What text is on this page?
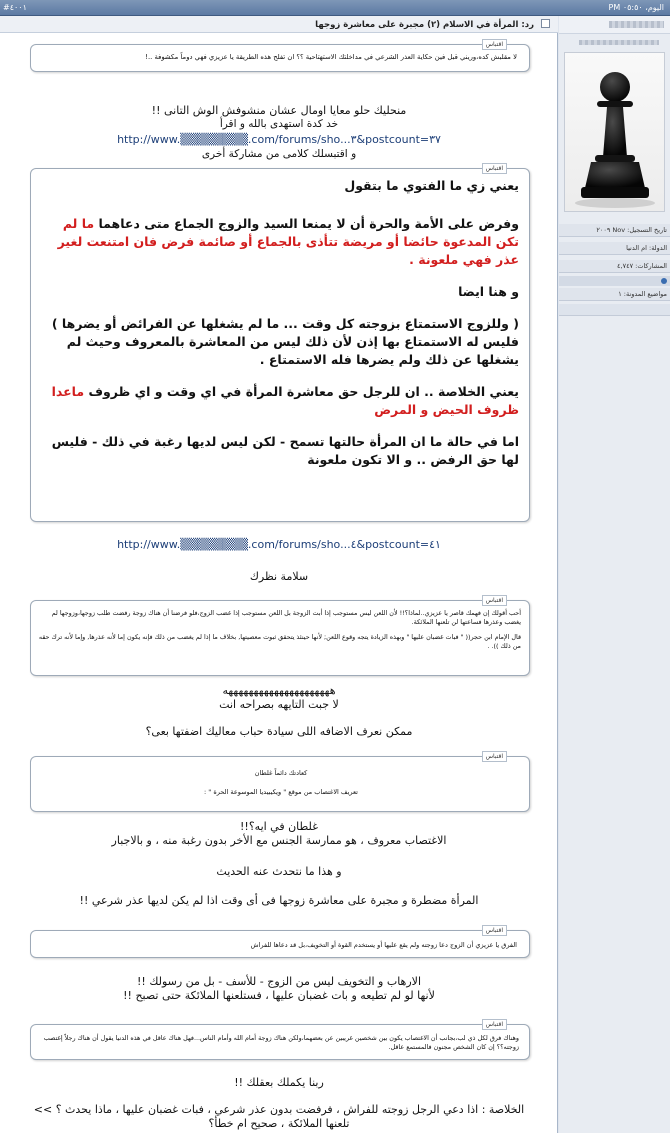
#٤٠٠١	اليوم، ٠٥:٥٠ PM
رد: المرأة في الاسلام (٢) مجبرة على معاشرة زوجها
اقتباس
لا مقلبش كده،وريني قبل فين حكاية العذر الشرعي في مداخلتك الاستهتاحية ؟؟ ان تفلح هذه الطريقة يا عزيزي فهي دوماً مكشوفة ..!
منحليك حلو معايا اومال عشان منشوفش الوش التانى !!
خد كدة استهدى بالله و اقرأ
http://www.▒▒▒▒▒▒▒▒.com/forums/sho...٣&postcount=٣٧
و اقتبسلك كلامى من مشاركة أخرى
اقتباس
يعني زي ما الفتوي ما بتقول
وفرض على الأمة والحرة أن لا يمنعا السيد والزوج الجماع متى دعاهما ما لم تكن المدعوة حائضا أو مريضة تتأذى بالجماع أو صائمة فرض فان امتنعت لغير عذر فهي ملعونة .
و هنا ايضا
( وللزوج الاستمتاع بزوجته كل وقت ... ما لم يشغلها عن الفرائض أو يضرها ) فليس له الاستمتاع بها إذن لأن ذلك ليس من المعاشرة بالمعروف وحيث لم يشغلها عن ذلك ولم يضرها فله الاستمتاع .
يعني الخلاصة .. ان للرجل حق معاشرة المرأة في اي وقت و اي ظروف ماعدا ظروف الحيض و المرض
اما في حالة ما ان المرأة حالتها تسمح - لكن ليس لديها رغبة في ذلك - فليس لها حق الرفض .. و الا تكون ملعونة
http://www.▒▒▒▒▒▒▒▒.com/forums/sho...٤&postcount=٤١
سلامة نظرك
اقتباس
أحب أقولك إن فهمك قاصر يا عزيزي..لماذا؟!! لأن اللعن ليس مستوجب إذا أبت الزوجة بل اللعن مستوجب إذا غضب الزوج،فلو فرضنا أن هناك زوجة رفضت طلب زوجها،وزوجها لم يغضب وعذرها فساعتها لن تلعنها الملائكة.
قال الإمام ابن حجر(( " فبات غضبان عليها " وبهذه الزيادة يتجه وقوع اللعن; لأنها حينئذ يتحقق ثبوت معصيتها, بخلاف ما إذا لم يغضب من ذلك فإنه يكون إما لأنه عذرها, وإما لأنه ترك حقه من ذلك )). .
هههههههههههههههههههههه
لا جبت التايهه بصراحه انت
ممكن نعرف الاضافه اللى سيادة حباب معاليك اضفتها بعى؟
اقتباس
كعادتك دائماً غلطان
تعريف الاغتصاب من موقع " ويكيبيديا الموسوعة الحرة " :
غلطان في ايه؟!!
الاغتصاب معروف ، هو ممارسة الجنس مع الأخر بدون رغبة منه ، و بالاجبار
و هذا ما نتحدث عنه الحديث
المرأة مضطرة و مجبرة على معاشرة زوجها فى أى وقت اذا لم يكن لديها عذر شرعي !!
اقتباس
الفرق يا عزيزي أن الزوج دعا زوجته ولم يقع عليها أو يستخدم القوة أو التخويف،بل قد دعاها للفراش
الارهاب و التخويف ليس من الزوج - للأسف - بل من رسولك !!
لأنها لو لم تطيعه و بات غضبان عليها ، فستلعنها الملائكة حتى تصبح !!
اقتباس
وهناك فرق لكل ذي لب،بجانب أن الاغتصاب يكون بين شخصين غريبين عن بعضهما،ولكن هناك زوجة أمام الله وأمام الناس...فهل هناك عاقل في هذه الدنيا يقول أن هناك رجلاً إغتصب زوجته؟؟ إن كان الشخص مجنون فالمستمع عاقل.
ربنا يكملك بعقلك !!
الخلاصة : اذا دعي الرجل زوجته للفراش ، فرفضت بدون عذر شرعي ، فبات غضبان عليها ، ماذا يحدث ؟ >>
تلعنها الملائكة ، صحيح ام خطأ؟
تاريخ التسجيل: Nov ٢٠٠٩
الدولة: ام الدنيا
المشاركات: ٤,٧٤٧
مواضيع المدونة: ١
